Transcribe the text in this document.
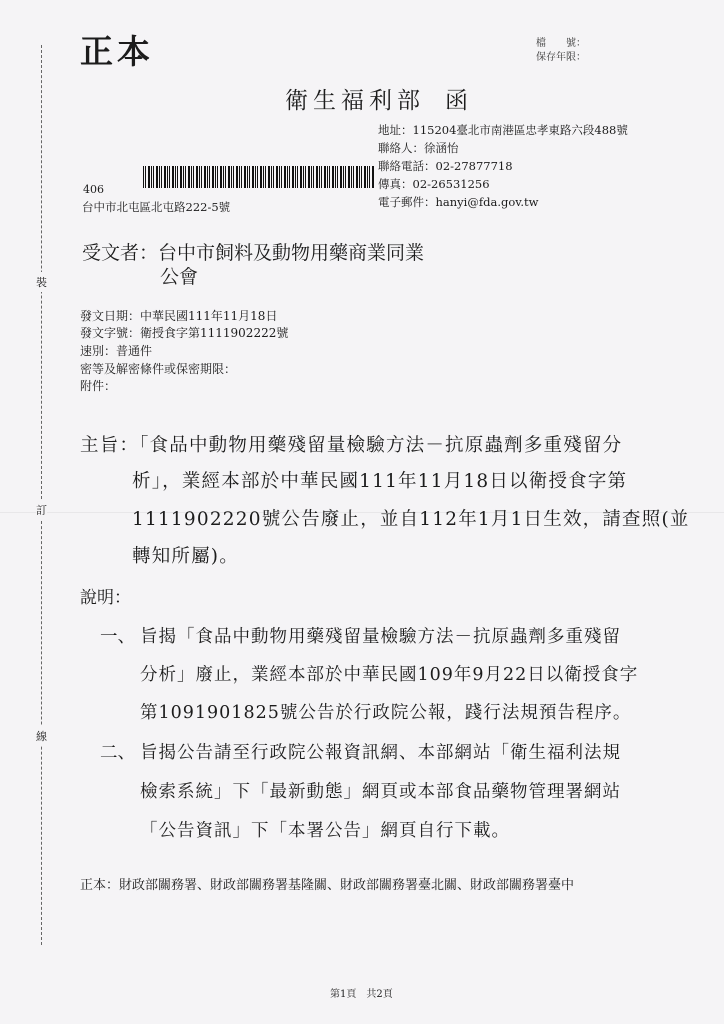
裝
訂
線
正本	檔　　號：
保存年限：
衛生福利部 函
地址：115204臺北市南港區忠孝東路六段488號
聯絡人：徐涵怡
聯絡電話：02-27877718
傳真：02-26531256
電子郵件：hanyi@fda.gov.tw
406
台中市北屯區北屯路222-5號
受文者：台中市飼料及動物用藥商業同業
公會
發文日期：中華民國111年11月18日
發文字號：衛授食字第1111902222號
速別：普通件
密等及解密條件或保密期限：
附件：
主旨：「食品中動物用藥殘留量檢驗方法－抗原蟲劑多重殘留分
析」，業經本部於中華民國111年11月18日以衛授食字第
1111902220號公告廢止，並自112年1月1日生效，請查照(並
轉知所屬)。
說明：
一、 旨揭「食品中動物用藥殘留量檢驗方法－抗原蟲劑多重殘留
分析」廢止，業經本部於中華民國109年9月22日以衛授食字
第1091901825號公告於行政院公報，踐行法規預告程序。
二、 旨揭公告請至行政院公報資訊網、本部網站「衛生福利法規
檢索系統」下「最新動態」網頁或本部食品藥物管理署網站
「公告資訊」下「本署公告」網頁自行下載。
正本：財政部關務署、財政部關務署基隆關、財政部關務署臺北關、財政部關務署臺中
第1頁　共2頁
